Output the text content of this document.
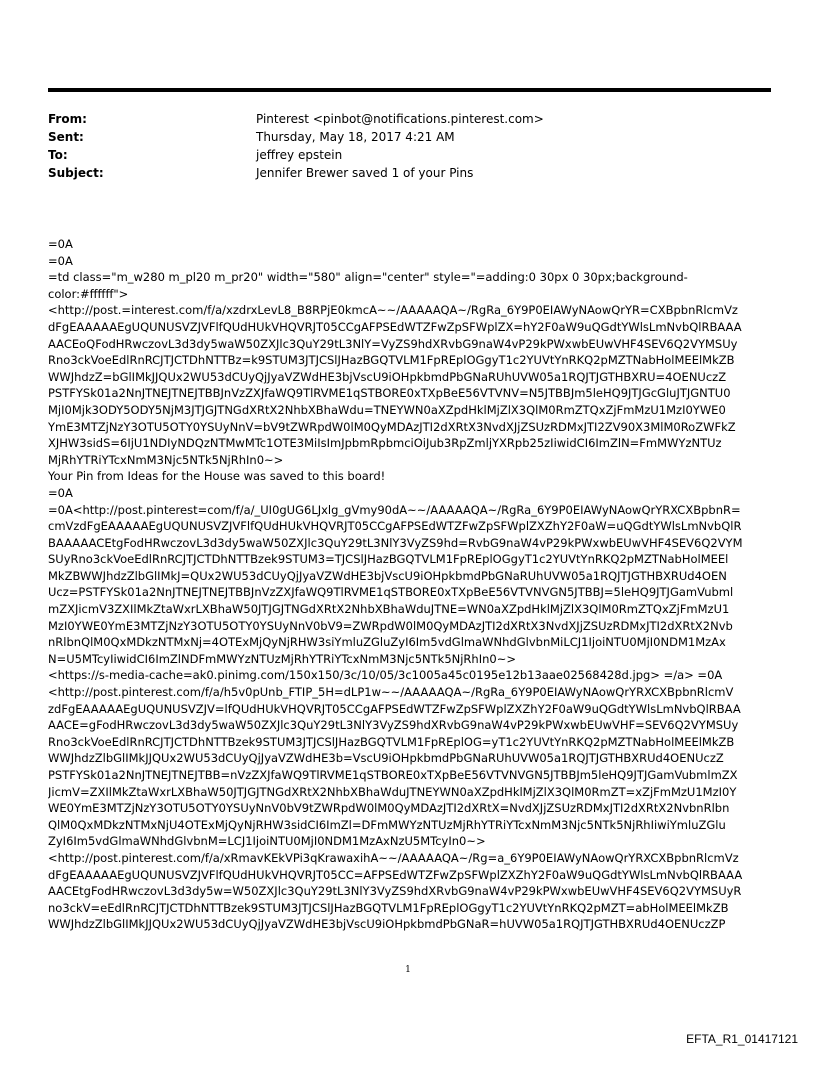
From:	Pinterest <pinbot@notifications.pinterest.com>
Sent:	Thursday, May 18, 2017 4:21 AM
To:	jeffrey epstein
Subject:	Jennifer Brewer saved 1 of your Pins
=0A
=0A
=td class="m_w280 m_pl20 m_pr20" width="580" align="center" style="=adding:0 30px 0 30px;background-
color:#ffffff">
<http://post.=interest.com/f/a/xzdrxLevL8_B8RPjE0kmcA~~/AAAAAQA~/RgRa_6Y9P0EIAWyNAowQrYR=CXBpbnRlcmVz
dFgEAAAAAEgUQUNUSVZJVFlfQUdHUkVHQVRJT05CCgAFPSEdWTZFwZpSFWplZX=hY2F0aW9uQGdtYWlsLmNvbQlRBAAA
AACEoQFodHRwczovL3d3dy5waW50ZXJlc3QuY29tL3NlY=VyZS9hdXRvbG9naW4vP29kPWxwbEUwVHF4SEV6Q2VYMSUy
Rno3ckVoeEdlRnRCJTJCTDhNTTBz=k9STUM3JTJCSlJHazBGQTVLM1FpREplOGgyT1c2YUVtYnRKQ2pMZTNabHolMEElMkZB
WWJhdzZ=bGlIMkJJQUx2WU53dCUyQjJyaVZWdHE3bjVscU9iOHpkbmdPbGNaRUhUVW05a1RQJTJGTHBXRU=4OENUczZ
PSTFYSk01a2NnJTNEJTNEJTBBJnVzZXJfaWQ9TlRVME1qSTBORE0xTXpBeE56VTVNV=N5JTBBJm5leHQ9JTJGcGluJTJGNTU0
MjI0Mjk3ODY5ODY5NjM3JTJGJTNGdXRtX2NhbXBhaWdu=TNEYWN0aXZpdHklMjZlX3QlM0RmZTQxZjFmMzU1MzI0YWE0
YmE3MTZjNzY3OTU5OTY0YSUyNnV=bV9tZWRpdW0lM0QyMDAzJTI2dXRtX3NvdXJjZSUzRDMxJTI2ZV90X3MlM0RoZWFkZ
XJHW3sidS=6IjU1NDIyNDQzNTMwMTc1OTE3MiIsImJpbmRpbmciOiJub3RpZmljYXRpb25zIiwidCI6ImZlN=FmMWYzNTUz
MjRhYTRiYTcxNmM3Njc5NTk5NjRhIn0~>
Your Pin from Ideas for the House was saved to this board!
=0A
=0A<http://post.pinterest=com/f/a/_UI0gUG6LJxlg_gVmy90dA~~/AAAAAQA~/RgRa_6Y9P0EIAWyNAowQrYRXCXBpbnR=
cmVzdFgEAAAAAEgUQUNUSVZJVFlfQUdHUkVHQVRJT05CCgAFPSEdWTZFwZpSFWplZXZhY2F0aW=uQGdtYWlsLmNvbQlR
BAAAAACEtgFodHRwczovL3d3dy5waW50ZXJlc3QuY29tL3NlY3VyZS9hd=RvbG9naW4vP29kPWxwbEUwVHF4SEV6Q2VYM
SUyRno3ckVoeEdlRnRCJTJCTDhNTTBzek9STUM3=TJCSlJHazBGQTVLM1FpREplOGgyT1c2YUVtYnRKQ2pMZTNabHolMEEl
MkZBWWJhdzZlbGlIMkJ=QUx2WU53dCUyQjJyaVZWdHE3bjVscU9iOHpkbmdPbGNaRUhUVW05a1RQJTJGTHBXRUd4OEN
Ucz=PSTFYSk01a2NnJTNEJTNEJTBBJnVzZXJfaWQ9TlRVME1qSTBORE0xTXpBeE56VTVNVGN5JTBBJ=5leHQ9JTJGamVubml
mZXJicmV3ZXIlMkZtaWxrLXBhaW50JTJGJTNGdXRtX2NhbXBhaWduJTNE=WN0aXZpdHklMjZlX3QlM0RmZTQxZjFmMzU1
MzI0YWE0YmE3MTZjNzY3OTU5OTY0YSUyNnV0bV9=ZWRpdW0lM0QyMDAzJTI2dXRtX3NvdXJjZSUzRDMxJTI2dXRtX2Nvb
nRlbnQlM0QxMDkzNTMxNj=4OTExMjQyNjRHW3siYmluZGluZyI6Im5vdGlmaWNhdGlvbnMiLCJ1IjoiNTU0MjI0NDM1MzAx
N=U5MTcyIiwidCI6ImZlNDFmMWYzNTUzMjRhYTRiYTcxNmM3Njc5NTk5NjRhIn0~>
<https://s-media-cache=ak0.pinimg.com/150x150/3c/10/05/3c1005a45c0195e12b13aae02568428d.jpg> =/a> =0A
<http://post.pinterest.com/f/a/h5v0pUnb_FTIP_5H=dLP1w~~/AAAAAQA~/RgRa_6Y9P0EIAWyNAowQrYRXCXBpbnRlcmV
zdFgEAAAAAEgUQUNUSVZJV=lfQUdHUkVHQVRJT05CCgAFPSEdWTZFwZpSFWplZXZhY2F0aW9uQGdtYWlsLmNvbQlRBAA
AACE=gFodHRwczovL3d3dy5waW50ZXJlc3QuY29tL3NlY3VyZS9hdXRvbG9naW4vP29kPWxwbEUwVHF=SEV6Q2VYMSUy
Rno3ckVoeEdlRnRCJTJCTDhNTTBzek9STUM3JTJCSlJHazBGQTVLM1FpREplOG=yT1c2YUVtYnRKQ2pMZTNabHolMEElMkZB
WWJhdzZlbGlIMkJJQUx2WU53dCUyQjJyaVZWdHE3b=VscU9iOHpkbmdPbGNaRUhUVW05a1RQJTJGTHBXRUd4OENUczZ
PSTFYSk01a2NnJTNEJTNEJTBB=nVzZXJfaWQ9TlRVME1qSTBORE0xTXpBeE56VTVNVGN5JTBBJm5leHQ9JTJGamVubmlmZX
JicmV=ZXIlMkZtaWxrLXBhaW50JTJGJTNGdXRtX2NhbXBhaWduJTNEYWN0aXZpdHklMjZlX3QlM0RmZT=xZjFmMzU1MzI0Y
WE0YmE3MTZjNzY3OTU5OTY0YSUyNnV0bV9tZWRpdW0lM0QyMDAzJTI2dXRtX=NvdXJjZSUzRDMxJTI2dXRtX2NvbnRlbn
QlM0QxMDkzNTMxNjU4OTExMjQyNjRHW3sidCI6ImZl=DFmMWYzNTUzMjRhYTRiYTcxNmM3Njc5NTk5NjRhIiwiYmluZGlu
ZyI6Im5vdGlmaWNhdGlvbnM=LCJ1IjoiNTU0MjI0NDM1MzAxNzU5MTcyIn0~>
<http://post.pinterest.com/f/a/xRmavKEkVPi3qKrawaxihA~~/AAAAAQA~/Rg=a_6Y9P0EIAWyNAowQrYRXCXBpbnRlcmVz
dFgEAAAAAEgUQUNUSVZJVFlfQUdHUkVHQVRJT05CC=AFPSEdWTZFwZpSFWplZXZhY2F0aW9uQGdtYWlsLmNvbQlRBAAA
AACEtgFodHRwczovL3d3dy5w=W50ZXJlc3QuY29tL3NlY3VyZS9hdXRvbG9naW4vP29kPWxwbEUwVHF4SEV6Q2VYMSUyR
no3ckV=eEdlRnRCJTJCTDhNTTBzek9STUM3JTJCSlJHazBGQTVLM1FpREplOGgyT1c2YUVtYnRKQ2pMZT=abHolMEElMkZB
WWJhdzZlbGlIMkJJQUx2WU53dCUyQjJyaVZWdHE3bjVscU9iOHpkbmdPbGNaR=hUVW05a1RQJTJGTHBXRUd4OENUczZP
1
EFTA_R1_01417121
